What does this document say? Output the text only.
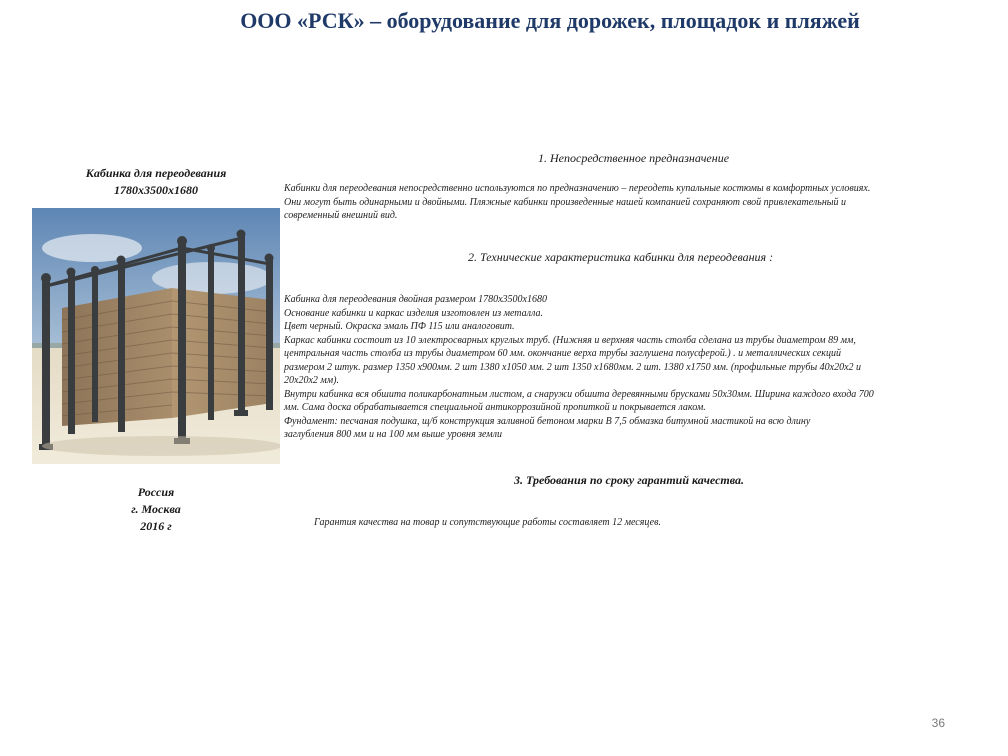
ООО «РСК» – оборудование для дорожек, площадок и пляжей
Кабинка для переодевания
1780х3500х1680
Россия
г. Москва
2016 г
1. Непосредственное предназначение
Кабинки для переодевания непосредственно используются по предназначению – переодеть купальные костюмы в комфортных условиях.
Они могут быть одинарными и двойными. Пляжные кабинки произведенные нашей компанией сохраняют свой привлекательный и
современный внешний вид.
2. Технические характеристика кабинки для переодевания :
Кабинка для переодевания двойная размером 1780х3500х1680
Основание кабинки и каркас изделия изготовлен из металла.
Цвет черный. Окраска эмаль ПФ 115 или аналоговит.
Каркас кабинки состоит из 10 электросварных круглых труб. (Нижняя и верхняя часть столба сделана из трубы диаметром 89 мм,
центральная часть столба из трубы диаметром 60 мм. окончание верха трубы заглушена полусферой.) . и металлических секций
размером 2 штук. размер 1350 х900мм. 2 шт 1380 х1050 мм. 2 шт 1350 х1680мм. 2 шт. 1380 х1750 мм. (профильные трубы 40х20х2 и
20х20х2 мм).
Внутри кабинка вся обшита поликарбонатным листом, а снаружи обшита деревянными брусками 50х30мм. Ширина каждого входа 700
мм. Сама доска обрабатывается специальной антикоррозийной пропиткой и покрывается лаком.
Фундамент: песчаная подушка, щ/б конструкция заливной бетоном марки В 7,5 обмазка битумной мастикой на всю длину
заглубления 800 мм и на 100 мм выше уровня земли
3. Требования по сроку гарантий качества.
Гарантия качества на товар и сопутствующие работы составляет 12 месяцев.
36
